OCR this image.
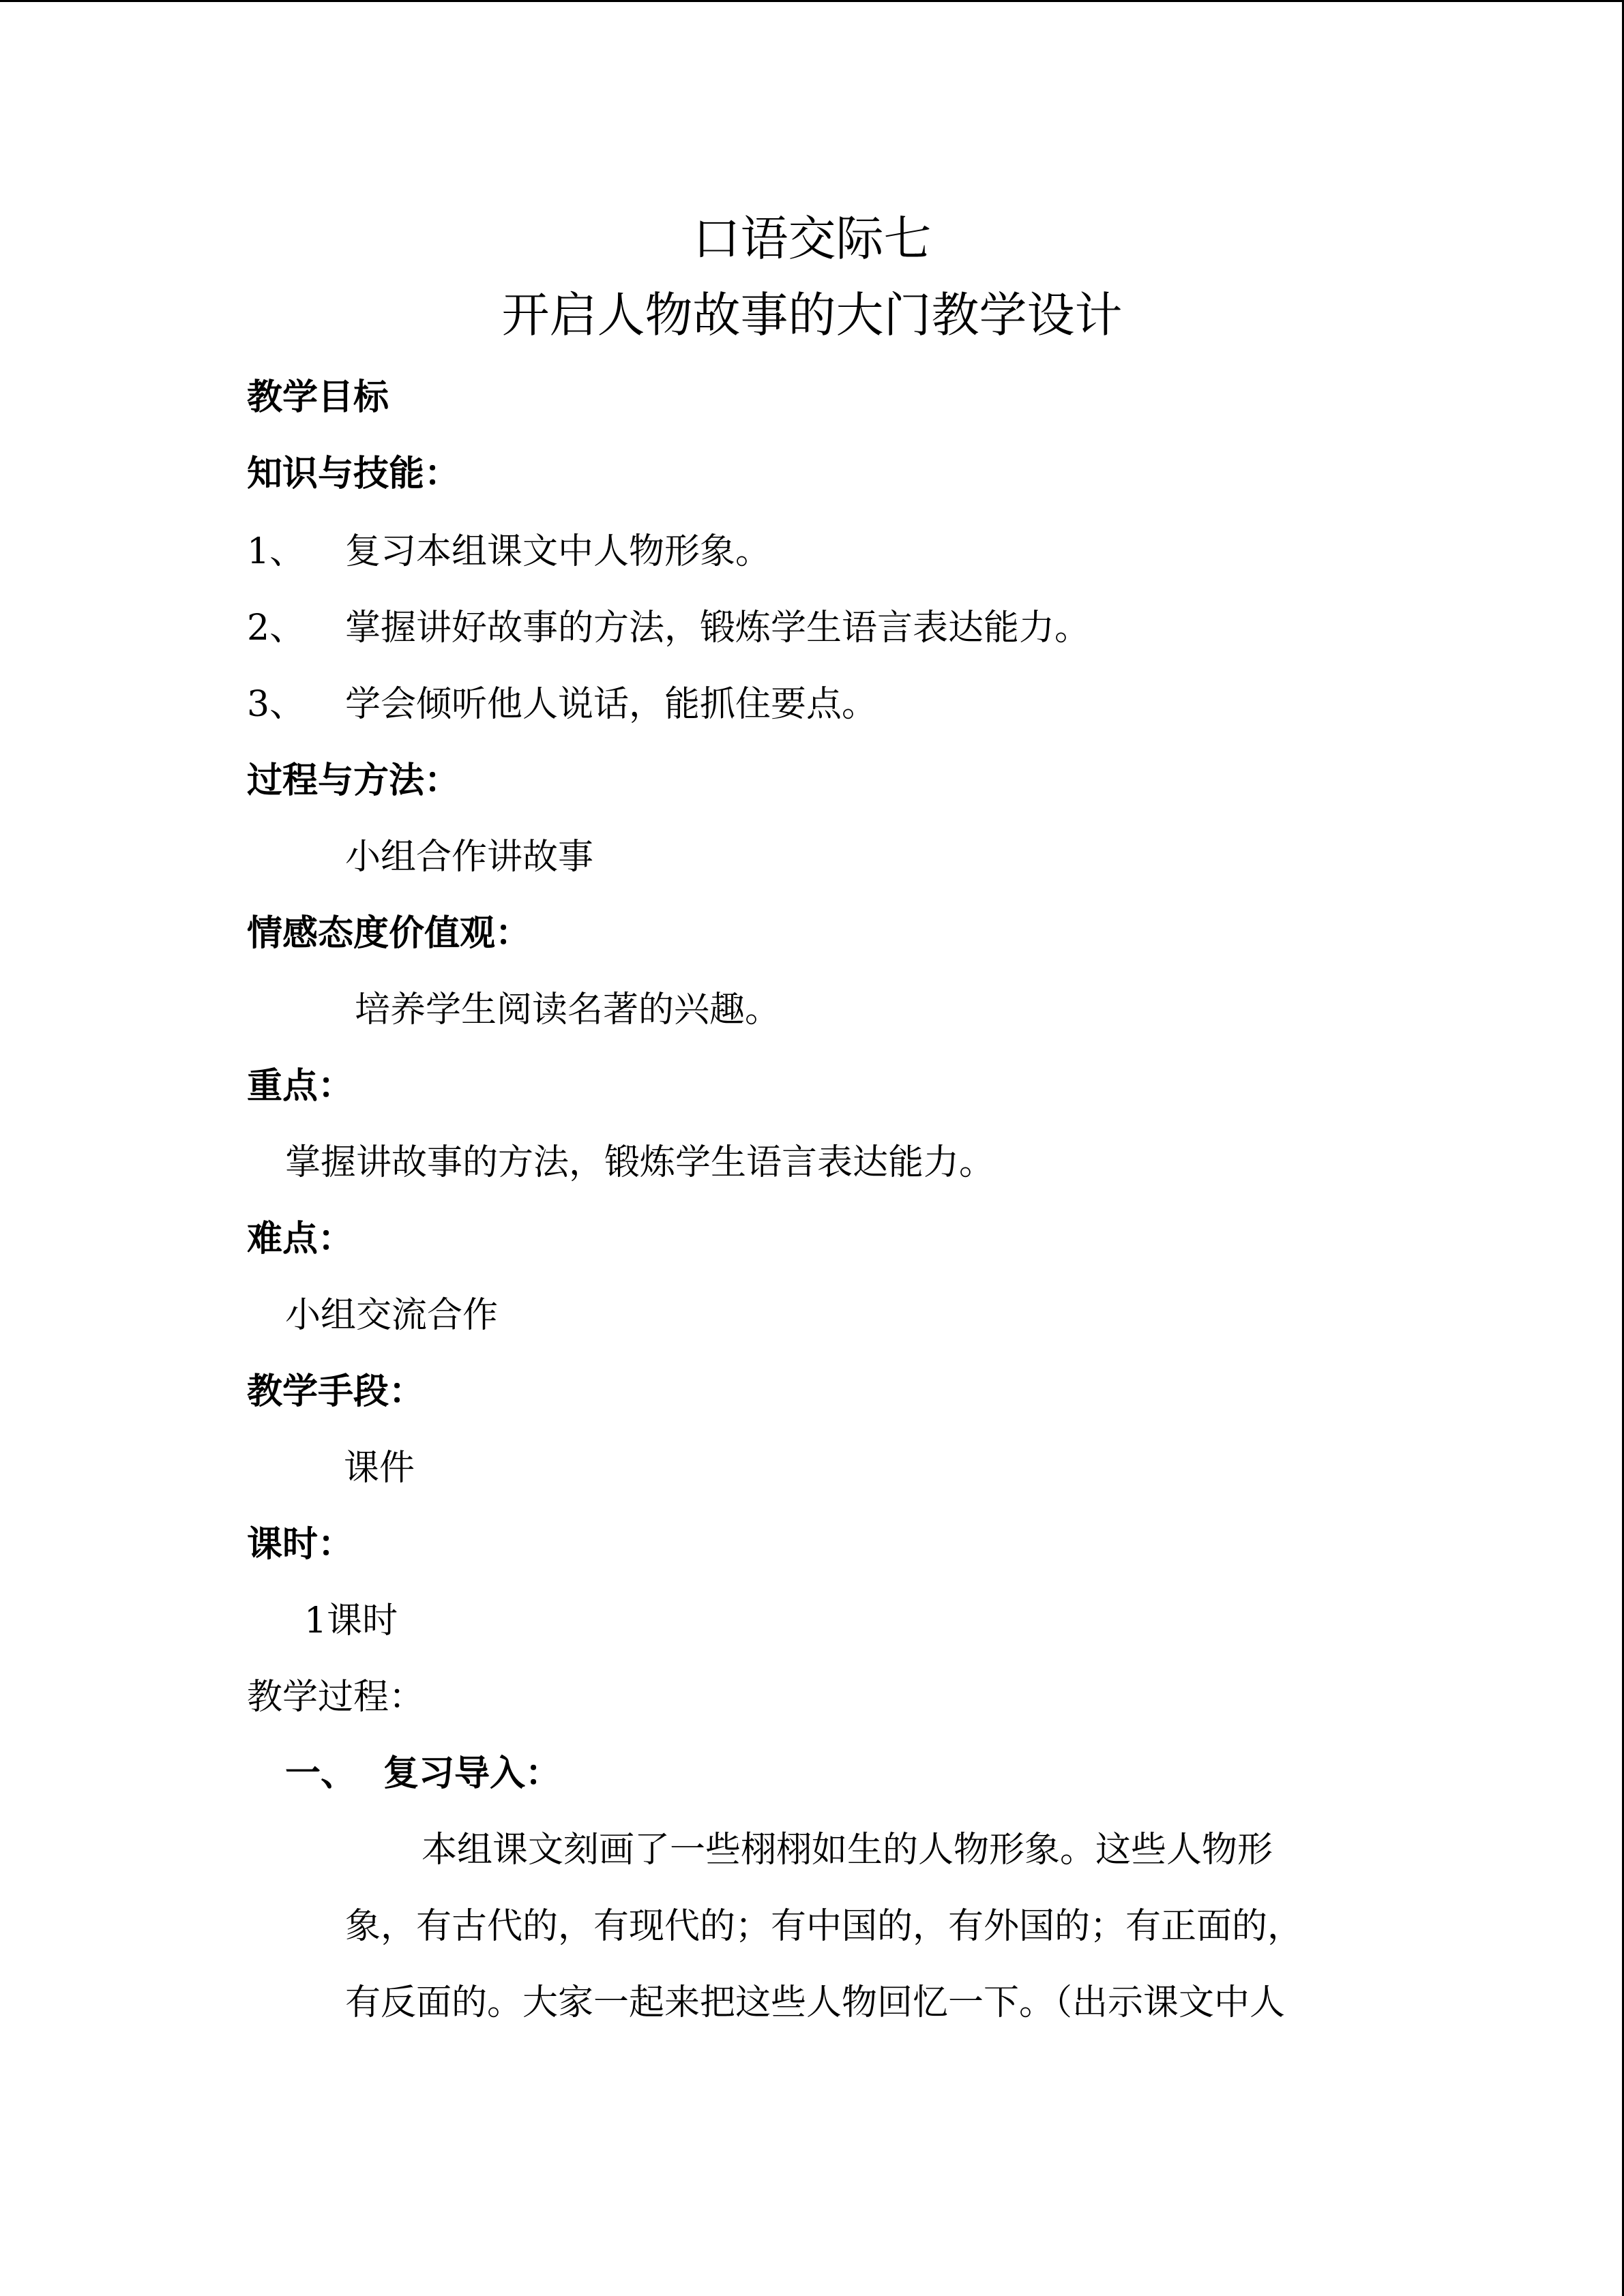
口语交际七
开启人物故事的大门教学设计
教学目标
知识与技能：
1、 复习本组课文中人物形象。
2、 掌握讲好故事的方法，锻炼学生语言表达能力。
3、 学会倾听他人说话，能抓住要点。
过程与方法：
小组合作讲故事
情感态度价值观：
培养学生阅读名著的兴趣。
重点：
掌握讲故事的方法，锻炼学生语言表达能力。
难点：
小组交流合作
教学手段：
课件
课时：
1课时
教学过程：
一、 复习导入：
本组课文刻画了一些栩栩如生的人物形象。这些人物形
象，有古代的，有现代的；有中国的，有外国的；有正面的，
有反面的。大家一起来把这些人物回忆一下。（出示课文中人
